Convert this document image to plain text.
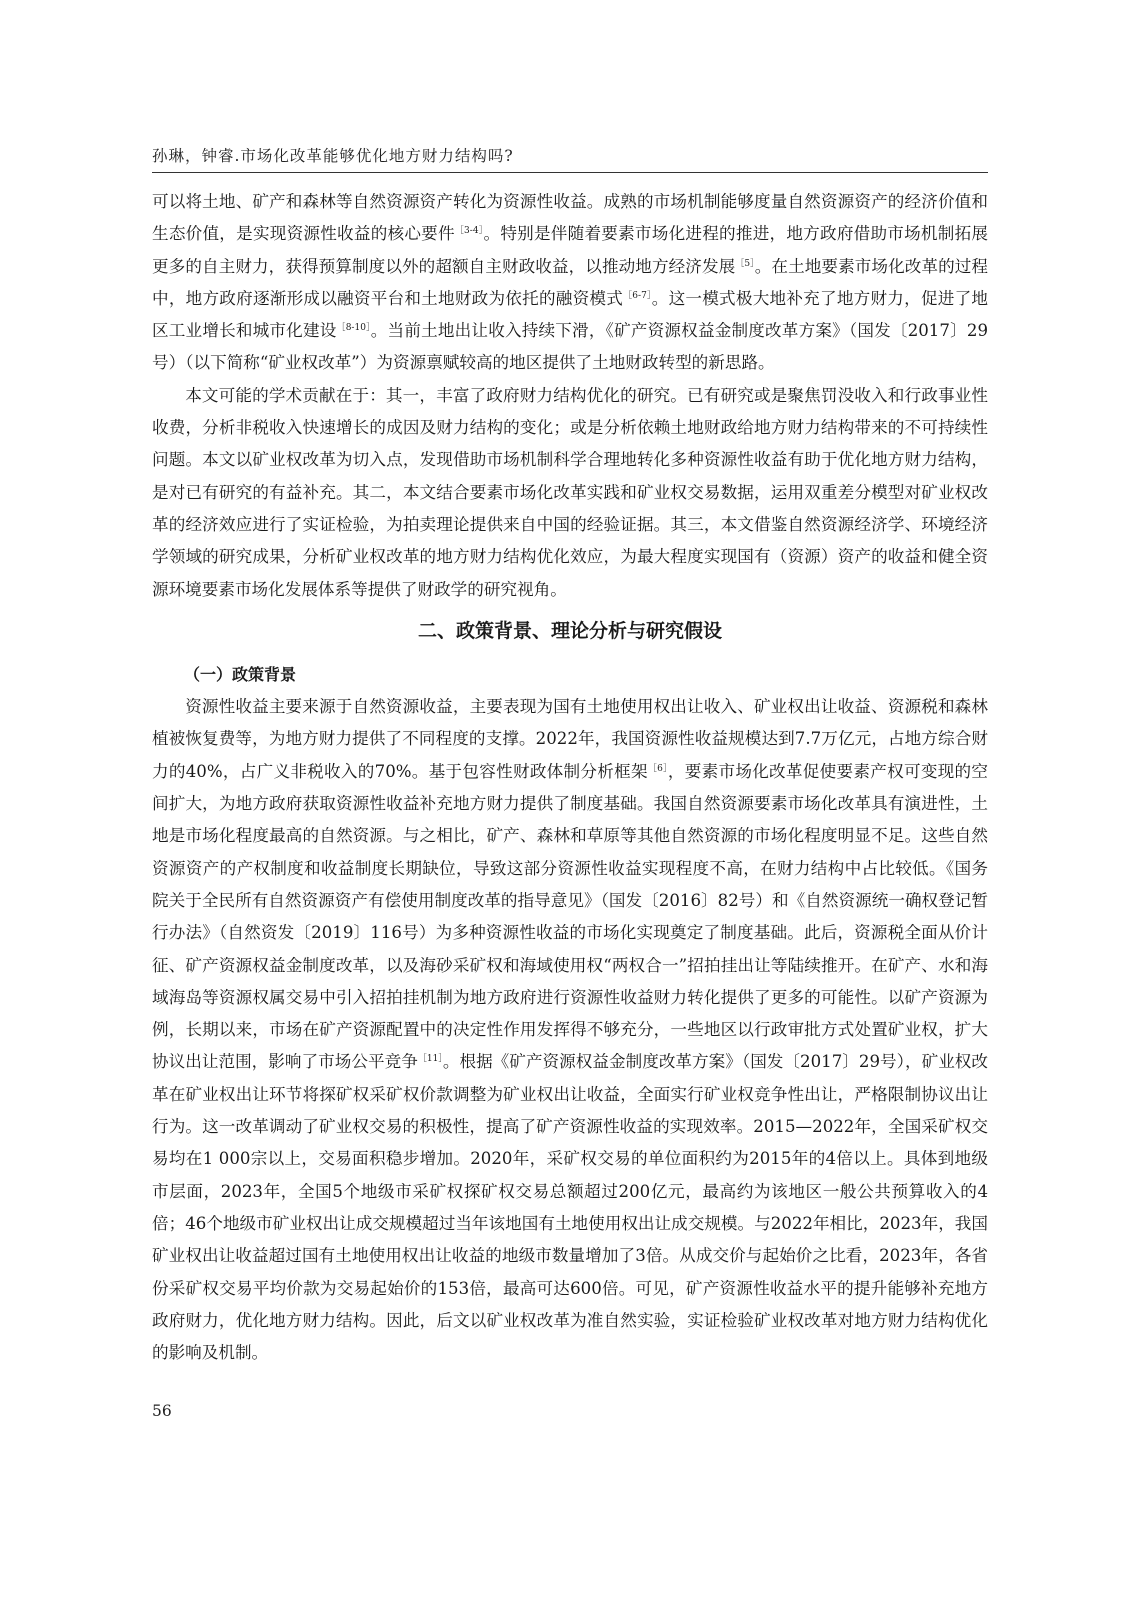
孙琳，钟睿.市场化改革能够优化地方财力结构吗?

可以将土地、矿产和森林等自然资源资产转化为资源性收益。成熟的市场机制能够度量自然资源资产的经济价值和生态价值，是实现资源性收益的核心要件$^{[3-4]}$。特别是伴随着要素市场化进程的推进，地方政府借助市场机制拓展更多的自主财力，获得预算制度以外的超额自主财政收益，以推动地方经济发展$^{[5]}$。在土地要素市场化改革的过程中，地方政府逐渐形成以融资平台和土地财政为依托的融资模式$^{[6-7]}$。这一模式极大地补充了地方财力，促进了地区工业增长和城市化建设$^{[8-10]}$。当前土地出让收入持续下滑，《矿产资源权益金制度改革方案》（国发〔2017〕29号）（以下简称“矿业权改革”）为资源禀赋较高的地区提供了土地财政转型的新思路。

本文可能的学术贡献在于：其一，丰富了政府财力结构优化的研究。已有研究或是聚焦罚没收入和行政事业性收费，分析非税收入快速增长的成因及财力结构的变化；或是分析依赖土地财政给地方财力结构带来的不可持续性问题。本文以矿业权改革为切入点，发现借助市场机制科学合理地转化多种资源性收益有助于优化地方财力结构，是对已有研究的有益补充。其二，本文结合要素市场化改革实践和矿业权交易数据，运用双重差分模型对矿业权改革的经济效应进行了实证检验，为拍卖理论提供来自中国的经验证据。其三，本文借鉴自然资源经济学、环境经济学领域的研究成果，分析矿业权改革的地方财力结构优化效应，为最大程度实现国有（资源）资产的收益和健全资源环境要素市场化发展体系等提供了财政学的研究视角。

二、政策背景、理论分析与研究假设

（一）政策背景

资源性收益主要来源于自然资源收益，主要表现为国有土地使用权出让收入、矿业权出让收益、资源税和森林植被恢复费等，为地方财力提供了不同程度的支撑。2022年，我国资源性收益规模达到7.7万亿元，占地方综合财力的40%，占广义非税收入的70%。基于包容性财政体制分析框架$^{[6]}$，要素市场化改革促使要素产权可变现的空间扩大，为地方政府获取资源性收益补充地方财力提供了制度基础。我国自然资源要素市场化改革具有演进性，土地是市场化程度最高的自然资源。与之相比，矿产、森林和草原等其他自然资源的市场化程度明显不足。这些自然资源资产的产权制度和收益制度长期缺位，导致这部分资源性收益实现程度不高，在财力结构中占比较低。《国务院关于全民所有自然资源资产有偿使用制度改革的指导意见》（国发〔2016〕82号）和《自然资源统一确权登记暂行办法》（自然资发〔2019〕116号）为多种资源性收益的市场化实现奠定了制度基础。此后，资源税全面从价计征、矿产资源权益金制度改革，以及海砂采矿权和海域使用权“两权合一”招拍挂出让等陆续推开。在矿产、水和海域海岛等资源权属交易中引入招拍挂机制为地方政府进行资源性收益财力转化提供了更多的可能性。以矿产资源为例，长期以来，市场在矿产资源配置中的决定性作用发挥得不够充分，一些地区以行政审批方式处置矿业权，扩大协议出让范围，影响了市场公平竞争$^{[11]}$。根据《矿产资源权益金制度改革方案》（国发〔2017〕29号），矿业权改革在矿业权出让环节将探矿权采矿权价款调整为矿业权出让收益，全面实行矿业权竞争性出让，严格限制协议出让行为。这一改革调动了矿业权交易的积极性，提高了矿产资源性收益的实现效率。2015—2022年，全国采矿权交易均在1 000宗以上，交易面积稳步增加。2020年，采矿权交易的单位面积约为2015年的4倍以上。具体到地级市层面，2023年，全国5个地级市采矿权探矿权交易总额超过200亿元，最高约为该地区一般公共预算收入的4倍；46个地级市矿业权出让成交规模超过当年该地国有土地使用权出让成交规模。与2022年相比，2023年，我国矿业权出让收益超过国有土地使用权出让收益的地级市数量增加了3倍。从成交价与起始价之比看，2023年，各省份采矿权交易平均价款为交易起始价的153倍，最高可达600倍。可见，矿产资源性收益水平的提升能够补充地方政府财力，优化地方财力结构。因此，后文以矿业权改革为准自然实验，实证检验矿业权改革对地方财力结构优化的影响及机制。

56
